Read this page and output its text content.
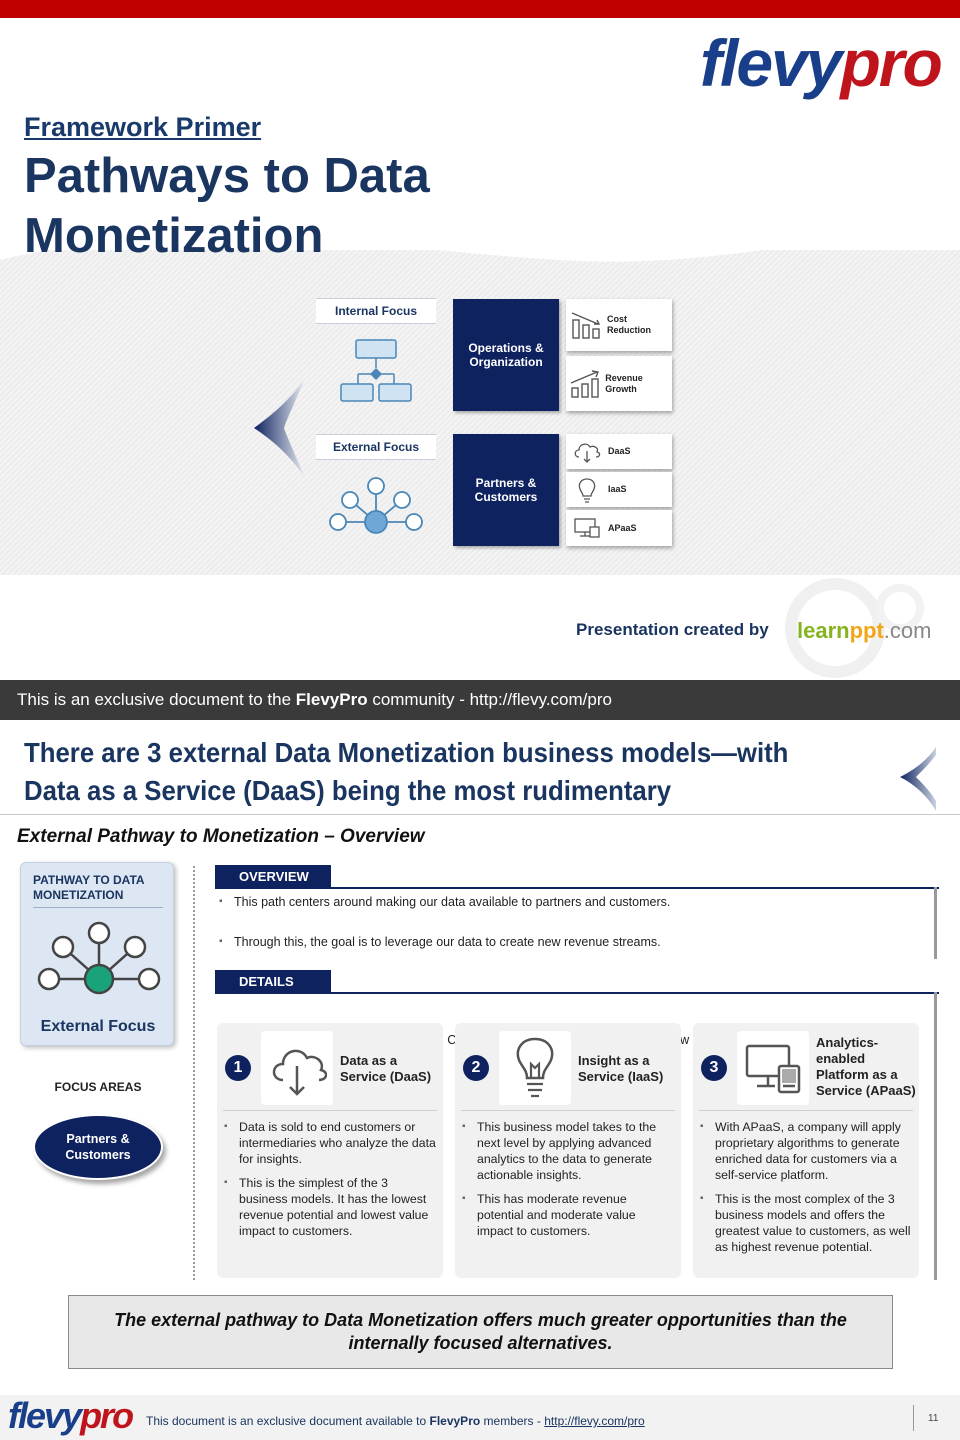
flevypro
Framework Primer
Pathways to Data Monetization
Internal Focus
External Focus
Operations & Organization
Partners & Customers
Cost Reduction
Revenue Growth
DaaS
IaaS
APaaS
Presentation created by learnppt.com
This is an exclusive document to the FlevyPro community - http://flevy.com/pro
There are 3 external Data Monetization business models—with Data as a Service (DaaS) being the most rudimentary
External Pathway to Monetization – Overview
PATHWAY TO DATA MONETIZATION
External Focus
FOCUS AREAS
Partners & Customers
OVERVIEW
▪ This path centers around making our data available to partners and customers.
▪ Through this, the goal is to leverage our data to create new revenue streams.
DETAILS
▪
1	Data as a Service (DaaS)
▪ Data is sold to end customers or intermediaries who analyze the data for insights.
▪ This is the simplest of the 3 business models. It has the lowest revenue potential and lowest value impact to customers.
2	Insight as a Service (IaaS)
▪ This business model takes to the next level by applying advanced analytics to the data to generate actionable insights.
▪ This has moderate revenue potential and moderate value impact to customers.
3
Analytics-enabled Platform as a Service (APaaS)
▪ With APaaS, a company will apply proprietary algorithms to generate enriched data for customers via a self-service platform.
▪ This is the most complex of the 3 business models and offers the greatest value to customers, as well as highest revenue potential.
The external pathway to Data Monetization offers much greater opportunities than the internally focused alternatives.
flevypro This document is an exclusive document available to FlevyPro members - http://flevy.com/pro	11
